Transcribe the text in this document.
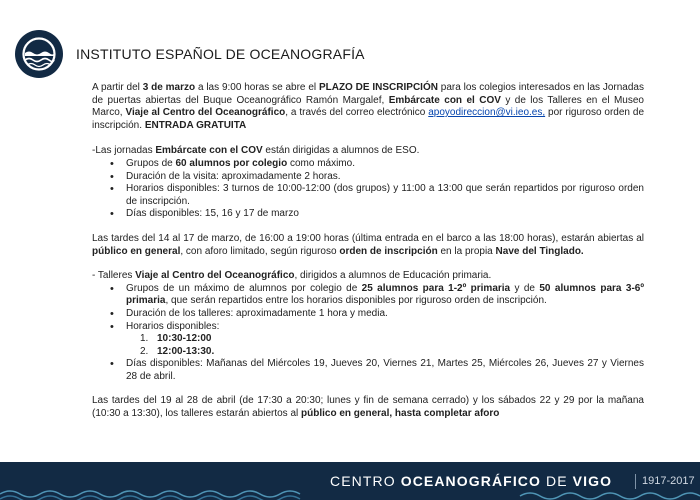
INSTITUTO ESPAÑOL DE OCEANOGRAFÍA

A partir del 3 de marzo a las 9:00 horas se abre el PLAZO DE INSCRIPCIÓN para los colegios interesados en las Jornadas de puertas abiertas del Buque Oceanográfico Ramón Margalef, Embárcate con el COV y de los Talleres en el Museo Marco, Viaje al Centro del Oceanográfico, a través del correo electrónico apoyodireccion@vi.ieo.es, por riguroso orden de inscripción. ENTRADA GRATUITA

-Las jornadas Embárcate con el COV están dirigidas a alumnos de ESO.

• Grupos de 60 alumnos por colegio como máximo.
• Duración de la visita: aproximadamente 2 horas.
• Horarios disponibles: 3 turnos de 10:00-12:00 (dos grupos) y 11:00 a 13:00 que serán repartidos por riguroso orden de inscripción.
• Días disponibles: 15, 16 y 17 de marzo

Las tardes del 14 al 17 de marzo, de 16:00 a 19:00 horas (última entrada en el barco a las 18:00 horas), estarán abiertas al público en general, con aforo limitado, según riguroso orden de inscripción en la propia Nave del Tinglado.

- Talleres Viaje al Centro del Oceanográfico, dirigidos a alumnos de Educación primaria.

• Grupos de un máximo de alumnos por colegio de 25 alumnos para 1-2º primaria y de 50 alumnos para 3-6º primaria, que serán repartidos entre los horarios disponibles por riguroso orden de inscripción.
• Duración de los talleres: aproximadamente 1 hora y media.
• Horarios disponibles:
1. 10:30-12:00
2. 12:00-13:30.
• Días disponibles: Mañanas del Miércoles 19, Jueves 20, Viernes 21, Martes 25, Miércoles 26, Jueves 27 y Viernes 28 de abril.

Las tardes del 19 al 28 de abril (de 17:30 a 20:30; lunes y fin de semana cerrado) y los sábados 22 y 29 por la mañana (10:30 a 13:30), los talleres estarán abiertos al público en general, hasta completar aforo

CENTRO OCEANOGRÁFICO DE VIGO	1917-2017
